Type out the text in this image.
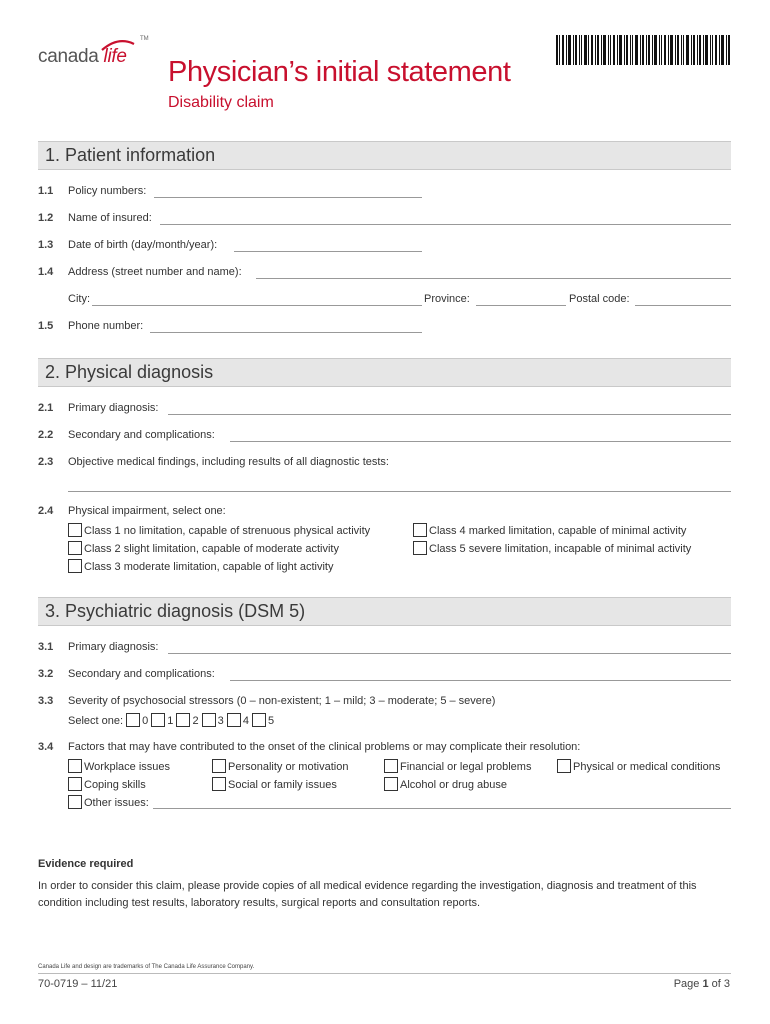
canada life
TM
Physician’s initial statement
Disability claim
1. Patient information
1.1 Policy numbers:
1.2 Name of insured:
1.3 Date of birth (day/month/year):
1.4 Address (street number and name):
City:	Province:	Postal code:
1.5 Phone number:
2. Physical diagnosis
2.1 Primary diagnosis:
2.2 Secondary and complications:
2.3 Objective medical findings, including results of all diagnostic tests:
2.4 Physical impairment, select one:
Class 1 no limitation, capable of strenuous physical activity
Class 2 slight limitation, capable of moderate activity
Class 3 moderate limitation, capable of light activity
Class 4 marked limitation, capable of minimal activity
Class 5 severe limitation, incapable of minimal activity
3. Psychiatric diagnosis (DSM 5)
3.1 Primary diagnosis:
3.2 Secondary and complications:
3.3 Severity of psychosocial stressors (0 – non-existent; 1 – mild; 3 – moderate; 5 – severe)
Select one: 0 1 2 3 4 5
3.4 Factors that may have contributed to the onset of the clinical problems or may complicate their resolution:
Workplace issues
Coping skills
Other issues:
Personality or motivation
Social or family issues
Financial or legal problems
Alcohol or drug abuse
Physical or medical conditions
Evidence required
In order to consider this claim, please provide copies of all medical evidence regarding the investigation, diagnosis and treatment of this condition including test results, laboratory results, surgical reports and consultation reports.
Canada Life and design are trademarks of The Canada Life Assurance Company.
70-0719 – 11/21	Page 1 of 3
